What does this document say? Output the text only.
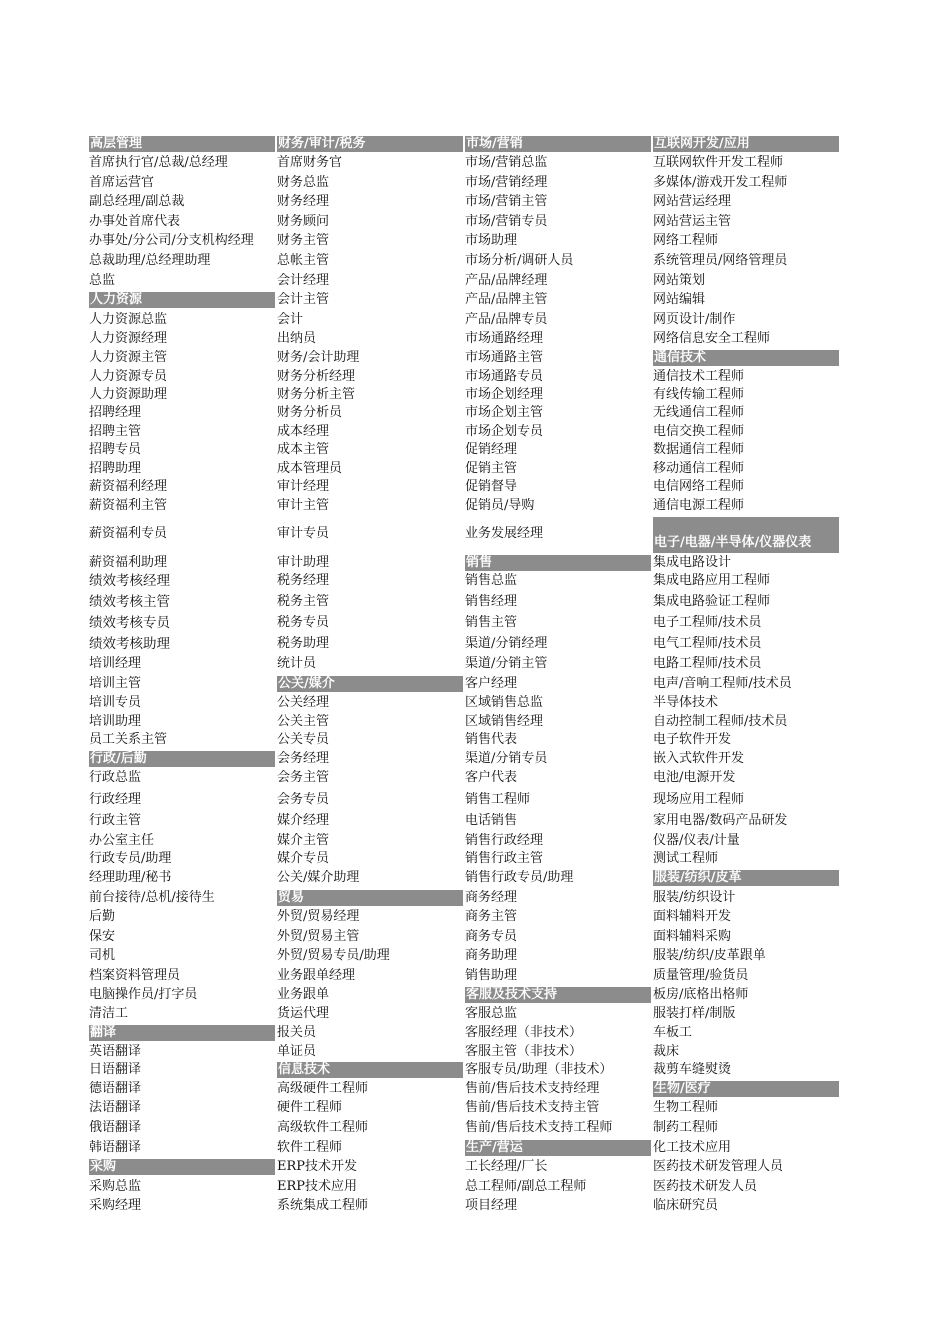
高层管理
首席执行官/总裁/总经理
首席运营官
副总经理/副总裁
办事处首席代表
办事处/分公司/分支机构经理
总裁助理/总经理助理
总监
人力资源
人力资源总监
人力资源经理
人力资源主管
人力资源专员
人力资源助理
招聘经理
招聘主管
招聘专员
招聘助理
薪资福利经理
薪资福利主管
薪资福利专员
薪资福利助理
绩效考核经理
绩效考核主管
绩效考核专员
绩效考核助理
培训经理
培训主管
培训专员
培训助理
员工关系主管
行政/后勤
行政总监
行政经理
行政主管
办公室主任
行政专员/助理
经理助理/秘书
前台接待/总机/接待生
后勤
保安
司机
档案资料管理员
电脑操作员/打字员
清洁工
翻译
英语翻译
日语翻译
德语翻译
法语翻译
俄语翻译
韩语翻译
采购
采购总监
采购经理
财务/审计/税务
首席财务官
财务总监
财务经理
财务顾问
财务主管
总帐主管
会计经理
会计主管
会计
出纳员
财务/会计助理
财务分析经理
财务分析主管
财务分析员
成本经理
成本主管
成本管理员
审计经理
审计主管
审计专员
审计助理
税务经理
税务主管
税务专员
税务助理
统计员
公关/媒介
公关经理
公关主管
公关专员
会务经理
会务主管
会务专员
媒介经理
媒介主管
媒介专员
公关/媒介助理
贸易
外贸/贸易经理
外贸/贸易主管
外贸/贸易专员/助理
业务跟单经理
业务跟单
货运代理
报关员
单证员
信息技术
高级硬件工程师
硬件工程师
高级软件工程师
软件工程师
ERP技术开发
ERP技术应用
系统集成工程师
市场/营销
市场/营销总监
市场/营销经理
市场/营销主管
市场/营销专员
市场助理
市场分析/调研人员
产品/品牌经理
产品/品牌主管
产品/品牌专员
市场通路经理
市场通路主管
市场通路专员
市场企划经理
市场企划主管
市场企划专员
促销经理
促销主管
促销督导
促销员/导购
业务发展经理
销售
销售总监
销售经理
销售主管
渠道/分销经理
渠道/分销主管
客户经理
区域销售总监
区域销售经理
销售代表
渠道/分销专员
客户代表
销售工程师
电话销售
销售行政经理
销售行政主管
销售行政专员/助理
商务经理
商务主管
商务专员
商务助理
销售助理
客服及技术支持
客服总监
客服经理（非技术）
客服主管（非技术）
客服专员/助理（非技术）
售前/售后技术支持经理
售前/售后技术支持主管
售前/售后技术支持工程师
生产/营运
工长经理/厂长
总工程师/副总工程师
项目经理
互联网开发/应用
互联网软件开发工程师
多媒体/游戏开发工程师
网站营运经理
网站营运主管
网络工程师
系统管理员/网络管理员
网站策划
网站编辑
网页设计/制作
网络信息安全工程师
通信技术
通信技术工程师
有线传输工程师
无线通信工程师
电信交换工程师
数据通信工程师
移动通信工程师
电信网络工程师
通信电源工程师
电子/电器/半导体/仪器仪表
集成电路设计
集成电路应用工程师
集成电路验证工程师
电子工程师/技术员
电气工程师/技术员
电路工程师/技术员
电声/音响工程师/技术员
半导体技术
自动控制工程师/技术员
电子软件开发
嵌入式软件开发
电池/电源开发
现场应用工程师
家用电器/数码产品研发
仪器/仪表/计量
测试工程师
服装/纺织/皮革
服装/纺织设计
面料辅料开发
面料辅料采购
服装/纺织/皮革跟单
质量管理/验货员
板房/底格出格师
服装打样/制版
车板工
裁床
裁剪车缝熨烫
生物/医疗
生物工程师
制药工程师
化工技术应用
医药技术研发管理人员
医药技术研发人员
临床研究员
